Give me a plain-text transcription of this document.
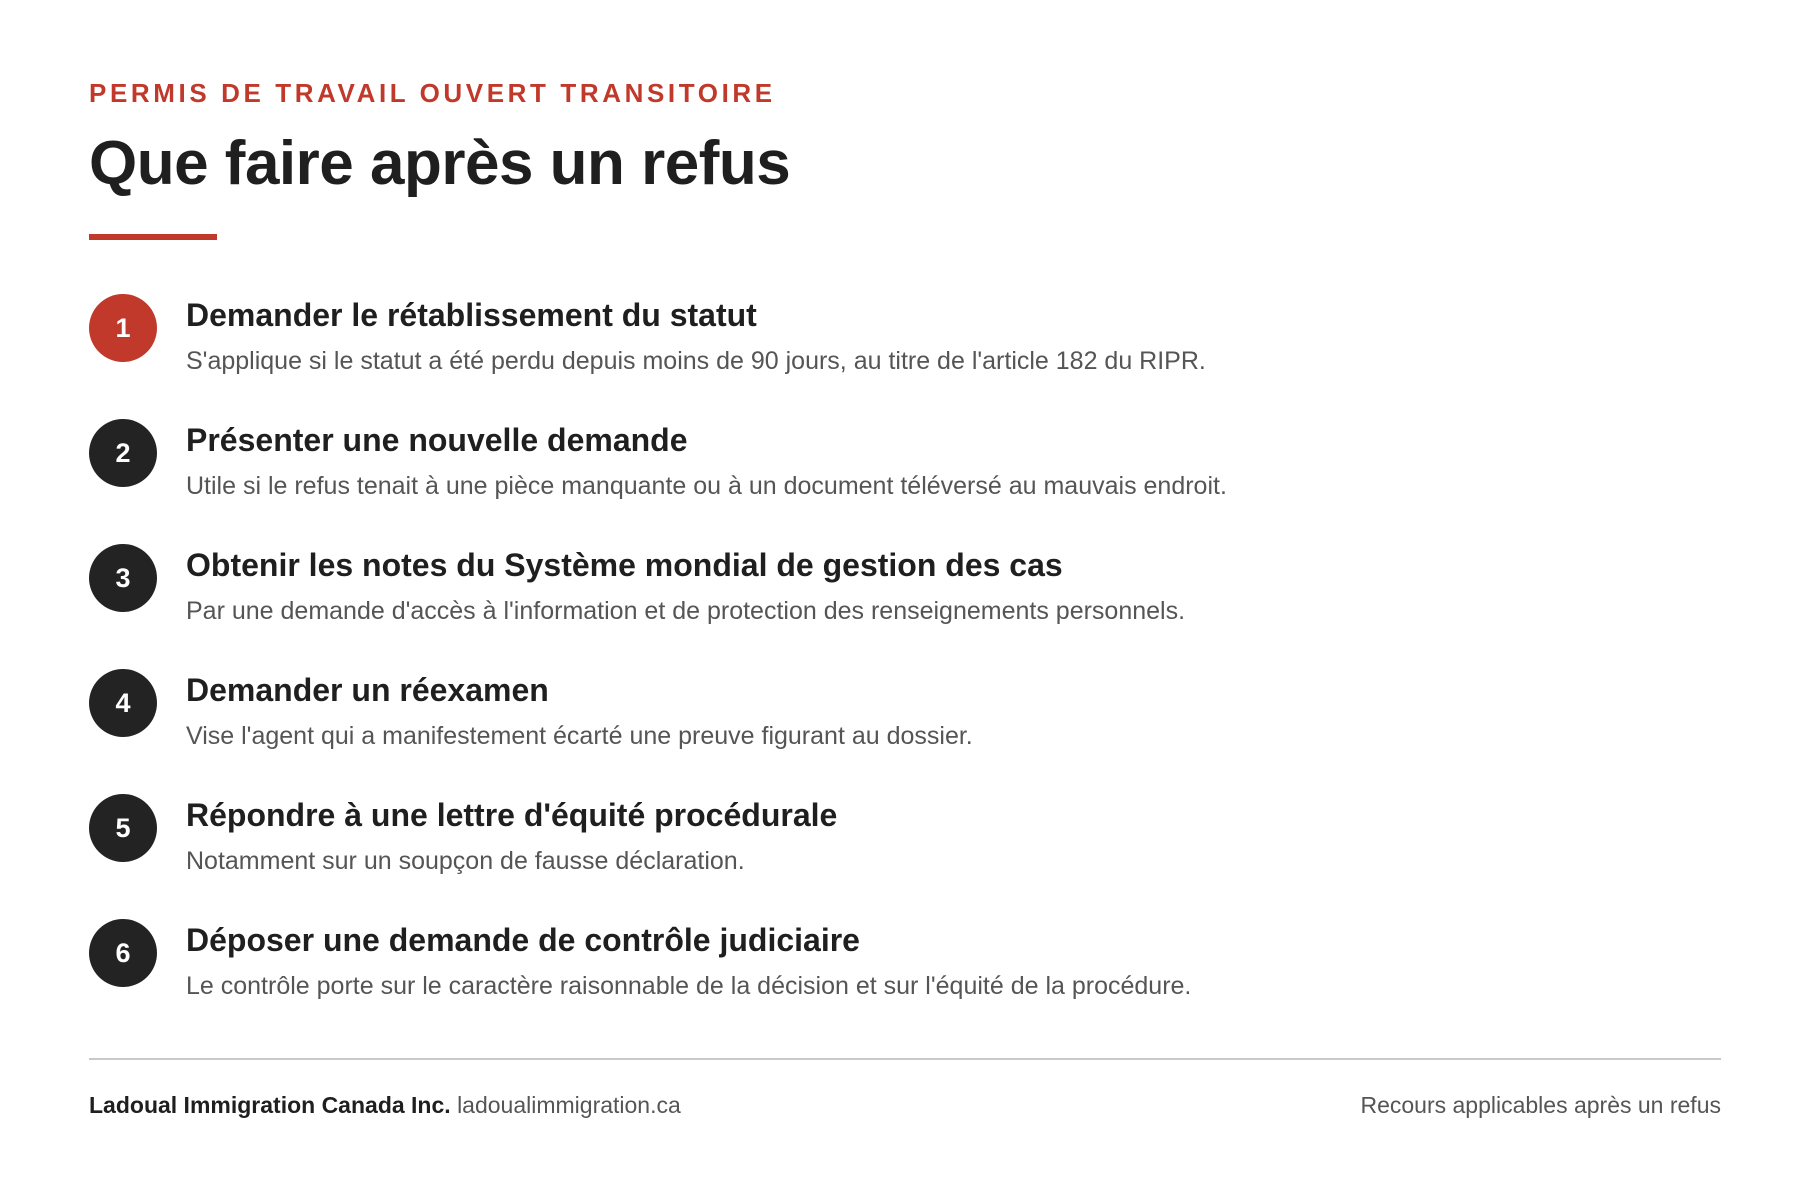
PERMIS DE TRAVAIL OUVERT TRANSITOIRE
Que faire après un refus
1	Demander le rétablissement du statut
S'applique si le statut a été perdu depuis moins de 90 jours, au titre de l'article 182 du RIPR.
2	Présenter une nouvelle demande
Utile si le refus tenait à une pièce manquante ou à un document téléversé au mauvais endroit.
3	Obtenir les notes du Système mondial de gestion des cas
Par une demande d'accès à l'information et de protection des renseignements personnels.
4	Demander un réexamen
Vise l'agent qui a manifestement écarté une preuve figurant au dossier.
5	Répondre à une lettre d'équité procédurale
Notamment sur un soupçon de fausse déclaration.
6	Déposer une demande de contrôle judiciaire
Le contrôle porte sur le caractère raisonnable de la décision et sur l'équité de la procédure.
Ladoual Immigration Canada Inc. ladoualimmigration.ca	Recours applicables après un refus
